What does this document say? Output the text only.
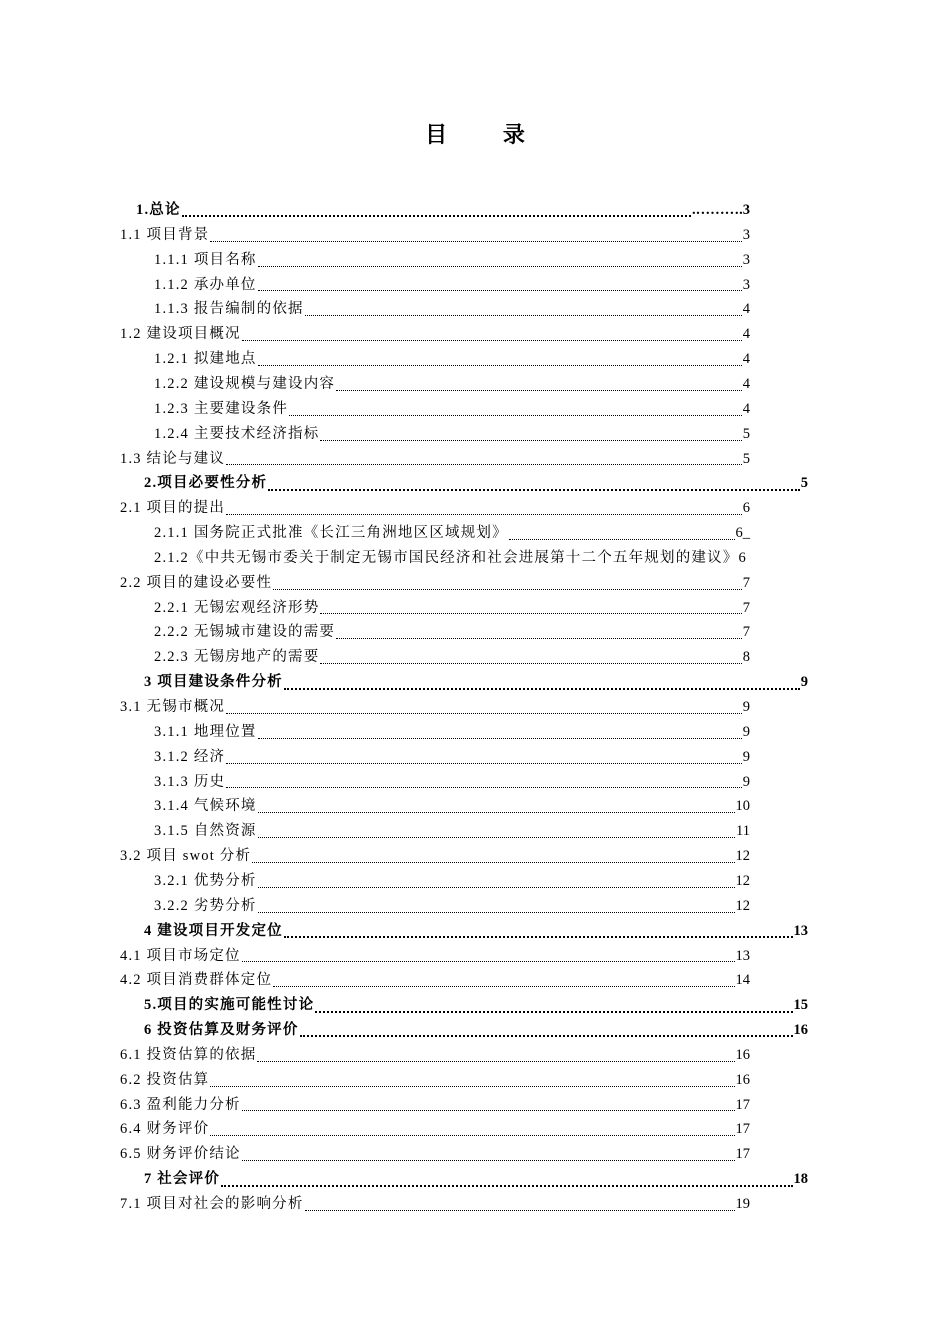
目 录
1.总论	.……….3
1.1 项目背景	3
1.1.1 项目名称	3
1.1.2 承办单位	3
1.1.3 报告编制的依据	4
1.2 建设项目概况	4
1.2.1 拟建地点	4
1.2.2 建设规模与建设内容	4
1.2.3 主要建设条件	4
1.2.4 主要技术经济指标	5
1.3 结论与建议	5
2.项目必要性分析	5
2.1 项目的提出	6
2.1.1 国务院正式批准《长江三角洲地区区域规划》	6_
2.1.2《中共无锡市委关于制定无锡市国民经济和社会进展第十二个五年规划的建议》6
2.2 项目的建设必要性	7
2.2.1 无锡宏观经济形势	7
2.2.2 无锡城市建设的需要	7
2.2.3 无锡房地产的需要	8
3 项目建设条件分析	9
3.1 无锡市概况	9
3.1.1 地理位置	9
3.1.2 经济	9
3.1.3 历史	9
3.1.4 气候环境	10
3.1.5 自然资源	11
3.2 项目 swot 分析	12
3.2.1 优势分析	12
3.2.2 劣势分析	12
4 建设项目开发定位	13
4.1 项目市场定位	13
4.2 项目消费群体定位	14
5.项目的实施可能性讨论	15
6 投资估算及财务评价	16
6.1 投资估算的依据	16
6.2 投资估算	16
6.3 盈利能力分析	17
6.4 财务评价	17
6.5 财务评价结论	17
7 社会评价	18
7.1 项目对社会的影响分析	19
